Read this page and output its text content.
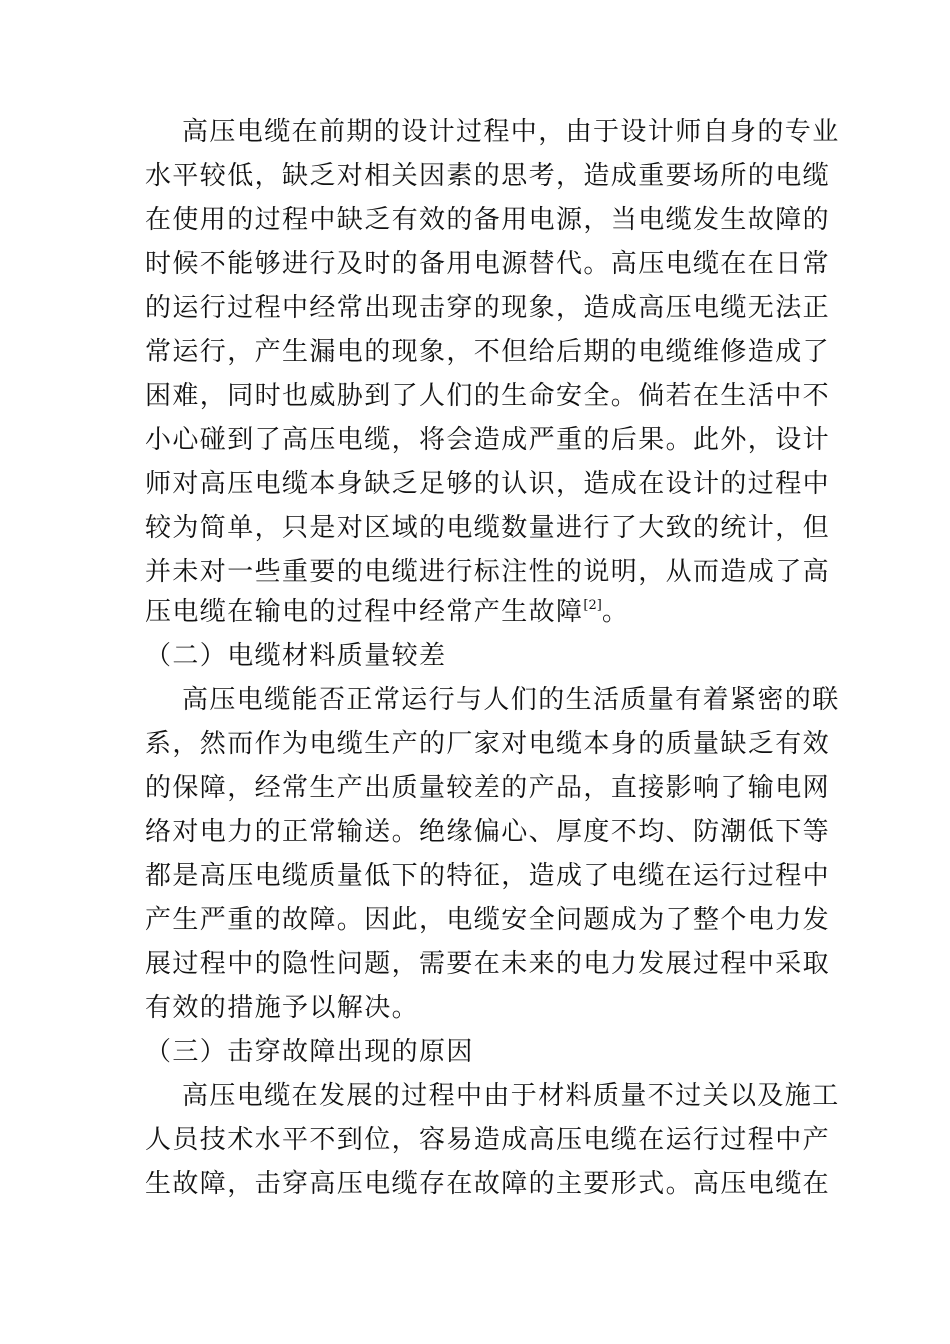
高压电缆在前期的设计过程中，由于设计师自身的专业
水平较低，缺乏对相关因素的思考，造成重要场所的电缆
在使用的过程中缺乏有效的备用电源，当电缆发生故障的
时候不能够进行及时的备用电源替代。高压电缆在在日常
的运行过程中经常出现击穿的现象，造成高压电缆无法正
常运行，产生漏电的现象，不但给后期的电缆维修造成了
困难，同时也威胁到了人们的生命安全。倘若在生活中不
小心碰到了高压电缆，将会造成严重的后果。此外，设计
师对高压电缆本身缺乏足够的认识，造成在设计的过程中
较为简单，只是对区域的电缆数量进行了大致的统计，但
并未对一些重要的电缆进行标注性的说明，从而造成了高
压电缆在输电的过程中经常产生故障[2]。
（二）电缆材料质量较差
高压电缆能否正常运行与人们的生活质量有着紧密的联
系，然而作为电缆生产的厂家对电缆本身的质量缺乏有效
的保障，经常生产出质量较差的产品，直接影响了输电网
络对电力的正常输送。绝缘偏心、厚度不均、防潮低下等
都是高压电缆质量低下的特征，造成了电缆在运行过程中
产生严重的故障。因此，电缆安全问题成为了整个电力发
展过程中的隐性问题，需要在未来的电力发展过程中采取
有效的措施予以解决。
（三）击穿故障出现的原因
高压电缆在发展的过程中由于材料质量不过关以及施工
人员技术水平不到位，容易造成高压电缆在运行过程中产
生故障，击穿高压电缆存在故障的主要形式。高压电缆在
